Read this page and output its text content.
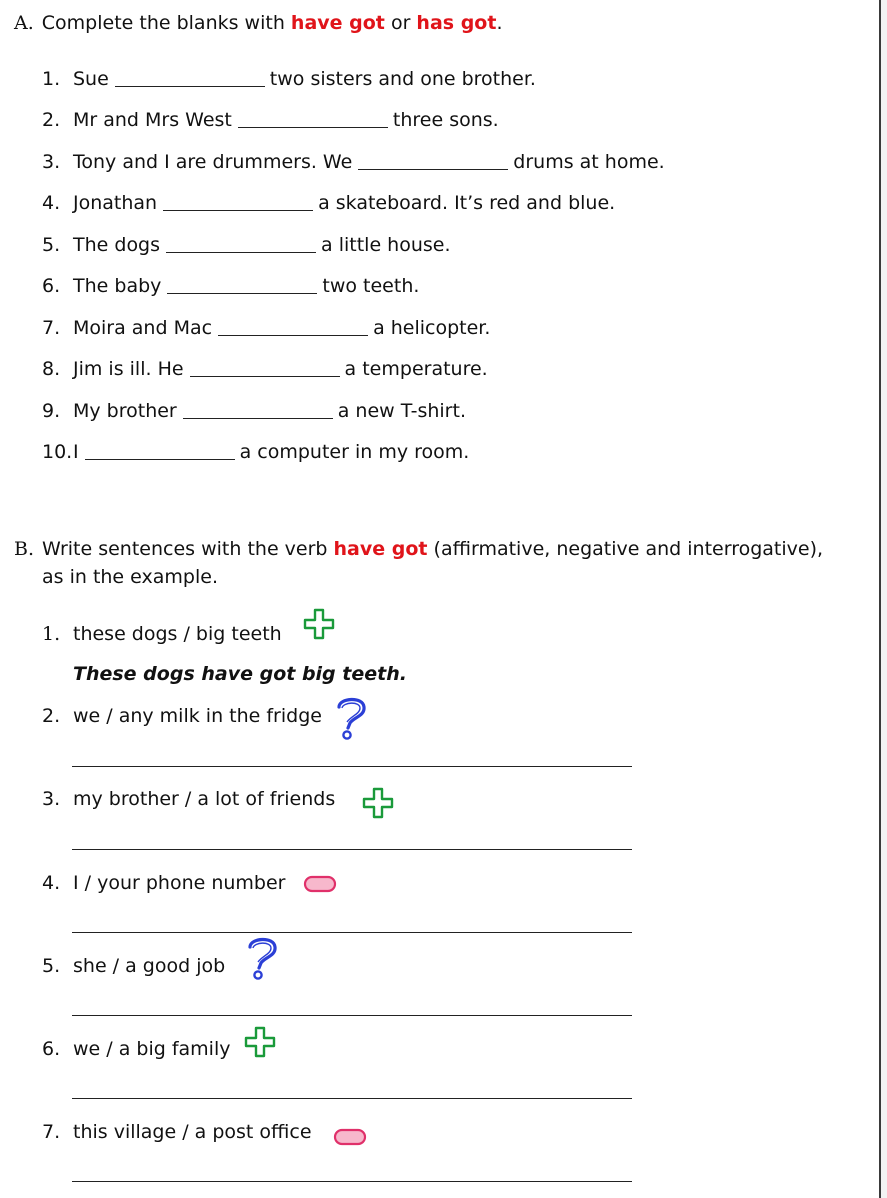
A. Complete the blanks with have got or has got.
1. Sue	two sisters and one brother.
2. Mr and Mrs West	three sons.
3. Tony and I are drummers. We	drums at home.
4. Jonathan	a skateboard. It’s red and blue.
5. The dogs	a little house.
6. The baby	two teeth.
7. Moira and Mac	a helicopter.
8. Jim is ill. He	a temperature.
9. My brother	a new T-shirt.
10. I	a computer in my room.
B. Write sentences with the verb have got (affirmative, negative and interrogative),
as in the example.
1. these dogs / big teeth
These dogs have got big teeth.
2. we / any milk in the fridge
3. my brother / a lot of friends
4. I / your phone number
5. she / a good job
6. we / a big family
7. this village / a post office
